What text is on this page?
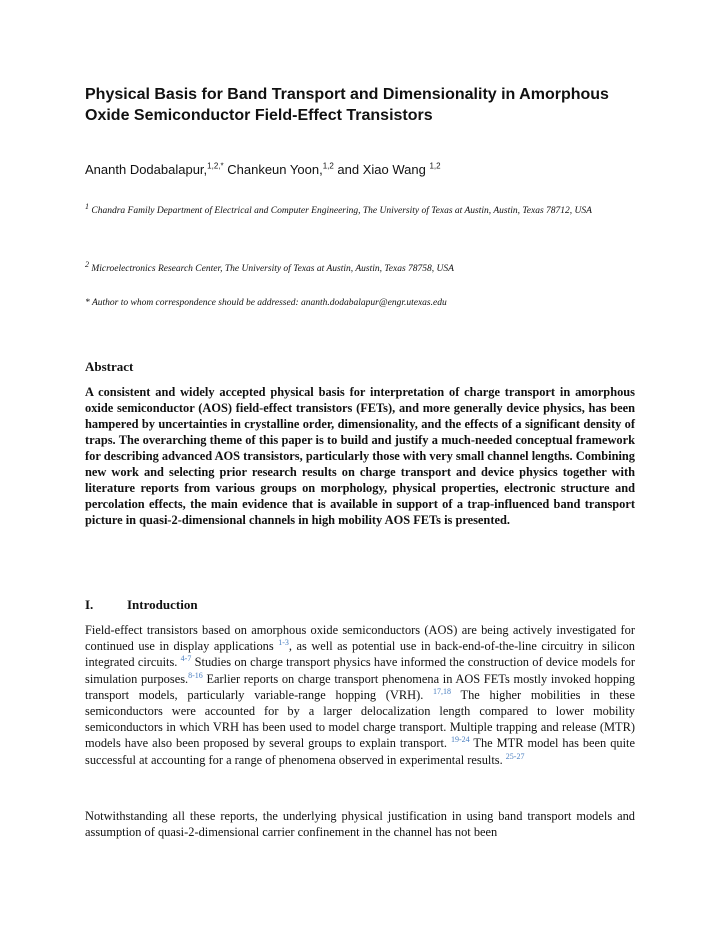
Physical Basis for Band Transport and Dimensionality in Amorphous Oxide Semiconductor Field-Effect Transistors

Ananth Dodabalapur,$^{1,2,*}$ Chankeun Yoon,$^{1,2}$ and Xiao Wang $^{1,2}$

$^1$ Chandra Family Department of Electrical and Computer Engineering, The University of Texas at Austin, Austin, Texas 78712, USA

$^2$ Microelectronics Research Center, The University of Texas at Austin, Austin, Texas 78758, USA

* Author to whom correspondence should be addressed: ananth.dodabalapur@engr.utexas.edu

Abstract

A consistent and widely accepted physical basis for interpretation of charge transport in amorphous oxide semiconductor (AOS) field-effect transistors (FETs), and more generally device physics, has been hampered by uncertainties in crystalline order, dimensionality, and the effects of a significant density of traps. The overarching theme of this paper is to build and justify a much-needed conceptual framework for describing advanced AOS transistors, particularly those with very small channel lengths. Combining new work and selecting prior research results on charge transport and device physics together with literature reports from various groups on morphology, physical properties, electronic structure and percolation effects, the main evidence that is available in support of a trap-influenced band transport picture in quasi-2-dimensional channels in high mobility AOS FETs is presented.

I.	Introduction

Field-effect transistors based on amorphous oxide semiconductors (AOS) are being actively investigated for continued use in display applications $^{1-3}$, as well as potential use in back-end-of-the-line circuitry in silicon integrated circuits. $^{4-7}$ Studies on charge transport physics have informed the construction of device models for simulation purposes.$^{8-16}$ Earlier reports on charge transport phenomena in AOS FETs mostly invoked hopping transport models, particularly variable-range hopping (VRH). $^{17,18}$ The higher mobilities in these semiconductors were accounted for by a larger delocalization length compared to lower mobility semiconductors in which VRH has been used to model charge transport. Multiple trapping and release (MTR) models have also been proposed by several groups to explain transport. $^{19-24}$ The MTR model has been quite successful at accounting for a range of phenomena observed in experimental results. $^{25-27}$

Notwithstanding all these reports, the underlying physical justification in using band transport models and assumption of quasi-2-dimensional carrier confinement in the channel has not been
